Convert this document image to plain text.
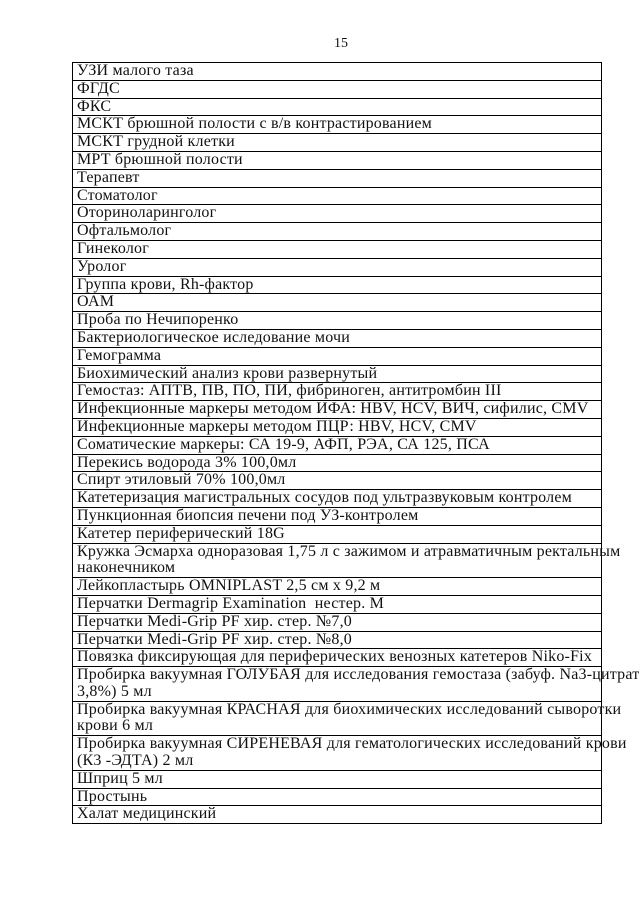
15
УЗИ малого таза
ФГДС
ФКС
МСКТ брюшной полости с в/в контрастированием
МСКТ грудной клетки
МРТ брюшной полости
Терапевт
Стоматолог
Оториноларинголог
Офтальмолог
Гинеколог
Уролог
Группа крови, Rh-фактор
ОАМ
Проба по Нечипоренко
Бактериологическое иследование мочи
Гемограмма
Биохимический анализ крови развернутый
Гемостаз: АПТВ, ПВ, ПО, ПИ, фибриноген, антитромбин III
Инфекционные маркеры методом ИФА: HBV, HCV, ВИЧ, сифилис, CMV
Инфекционные маркеры методом ПЦР: HBV, HCV, CMV
Соматические маркеры: СА 19-9, АФП, РЭА, СА 125, ПСА
Перекись водорода 3% 100,0мл
Спирт этиловый 70% 100,0мл
Катетеризация магистральных сосудов под ультразвуковым контролем
Пункционная биопсия печени под УЗ-контролем
Катетер периферический 18G
Кружка Эсмарха одноразовая 1,75 л с зажимом и атравматичным ректальным
наконечником
Лейкопластырь OMNIPLAST 2,5 см х 9,2 м
Перчатки Dermagrip Examination  нестер. M
Перчатки Medi-Grip PF хир. стер. №7,0
Перчатки Medi-Grip PF хир. стер. №8,0
Повязка фиксирующая для периферических венозных катетеров Niko-Fix
Пробирка вакуумная ГОЛУБАЯ для исследования гемостаза (забуф. Na3-цитрат
3,8%) 5 мл
Пробирка вакуумная КРАСНАЯ для биохимических исследований сыворотки
крови 6 мл
Пробирка вакуумная СИРЕНЕВАЯ для гематологических исследований крови
(К3 -ЭДТА) 2 мл
Шприц 5 мл
Простынь
Халат медицинский
